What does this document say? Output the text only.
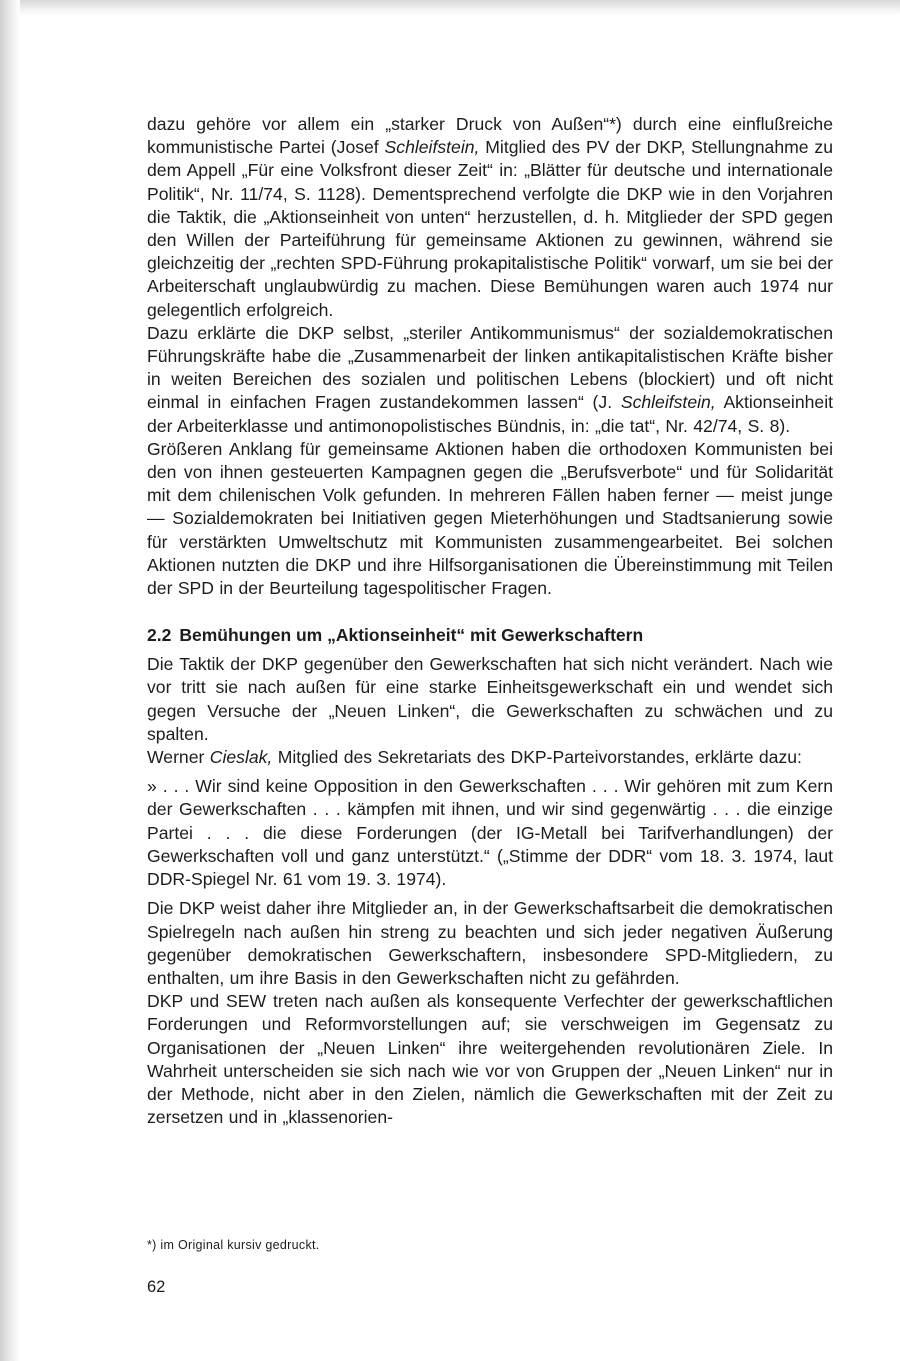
dazu gehöre vor allem ein „starker Druck von Außen“*) durch eine einflußreiche kommunistische Partei (Josef Schleifstein, Mitglied des PV der DKP, Stellungnahme zu dem Appell „Für eine Volksfront dieser Zeit“ in: „Blätter für deutsche und internationale Politik“, Nr. 11/74, S. 1128). Dementsprechend verfolgte die DKP wie in den Vorjahren die Taktik, die „Aktionseinheit von unten“ herzustellen, d. h. Mitglieder der SPD gegen den Willen der Parteiführung für gemeinsame Aktionen zu gewinnen, während sie gleichzeitig der „rechten SPD-Führung prokapitalistische Politik“ vorwarf, um sie bei der Arbeiterschaft unglaubwürdig zu machen. Diese Bemühungen waren auch 1974 nur gelegentlich erfolgreich.

Dazu erklärte die DKP selbst, „steriler Antikommunismus“ der sozialdemokratischen Führungskräfte habe die „Zusammenarbeit der linken antikapitalistischen Kräfte bisher in weiten Bereichen des sozialen und politischen Lebens (blockiert) und oft nicht einmal in einfachen Fragen zustandekommen lassen“ (J. Schleifstein, Aktionseinheit der Arbeiterklasse und antimonopolistisches Bündnis, in: „die tat“, Nr. 42/74, S. 8).

Größeren Anklang für gemeinsame Aktionen haben die orthodoxen Kommunisten bei den von ihnen gesteuerten Kampagnen gegen die „Berufsverbote“ und für Solidarität mit dem chilenischen Volk gefunden. In mehreren Fällen haben ferner — meist junge — Sozialdemokraten bei Initiativen gegen Mieterhöhungen und Stadtsanierung sowie für verstärkten Umweltschutz mit Kommunisten zusammengearbeitet. Bei solchen Aktionen nutzten die DKP und ihre Hilfsorganisationen die Übereinstimmung mit Teilen der SPD in der Beurteilung tagespolitischer Fragen.

2.2 Bemühungen um „Aktionseinheit“ mit Gewerkschaftern

Die Taktik der DKP gegenüber den Gewerkschaften hat sich nicht verändert. Nach wie vor tritt sie nach außen für eine starke Einheitsgewerkschaft ein und wendet sich gegen Versuche der „Neuen Linken“, die Gewerkschaften zu schwächen und zu spalten.

Werner Cieslak, Mitglied des Sekretariats des DKP-Parteivorstandes, erklärte dazu:

» . . . Wir sind keine Opposition in den Gewerkschaften . . . Wir gehören mit zum Kern der Gewerkschaften . . . kämpfen mit ihnen, und wir sind gegenwärtig . . . die einzige Partei . . . die diese Forderungen (der IG-Metall bei Tarifverhandlungen) der Gewerkschaften voll und ganz unterstützt.“ („Stimme der DDR“ vom 18. 3. 1974, laut DDR-Spiegel Nr. 61 vom 19. 3. 1974).

Die DKP weist daher ihre Mitglieder an, in der Gewerkschaftsarbeit die demokratischen Spielregeln nach außen hin streng zu beachten und sich jeder negativen Äußerung gegenüber demokratischen Gewerkschaftern, insbesondere SPD-Mitgliedern, zu enthalten, um ihre Basis in den Gewerkschaften nicht zu gefährden.

DKP und SEW treten nach außen als konsequente Verfechter der gewerkschaftlichen Forderungen und Reformvorstellungen auf; sie verschweigen im Gegensatz zu Organisationen der „Neuen Linken“ ihre weitergehenden revolutionären Ziele. In Wahrheit unterscheiden sie sich nach wie vor von Gruppen der „Neuen Linken“ nur in der Methode, nicht aber in den Zielen, nämlich die Gewerkschaften mit der Zeit zu zersetzen und in „klassenorien-

*) im Original kursiv gedruckt.
62
